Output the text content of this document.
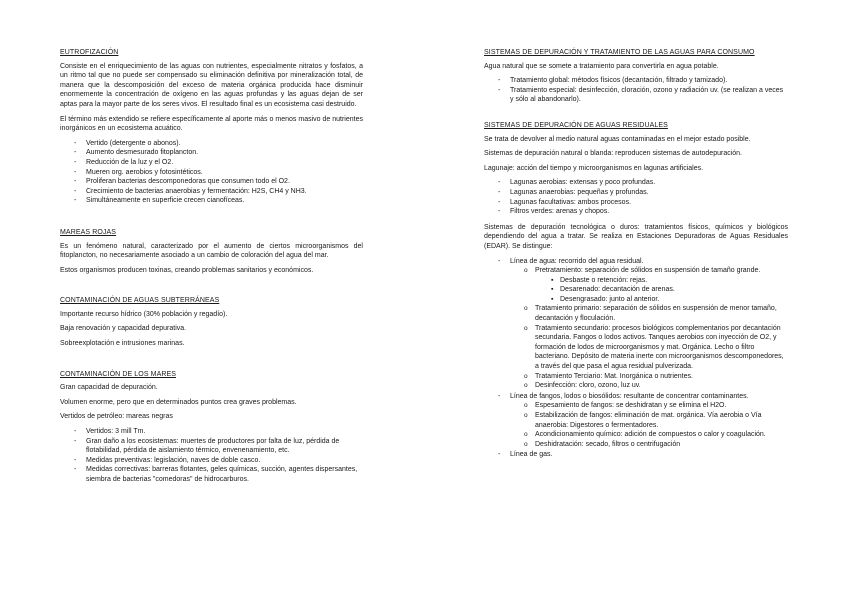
EUTROFIZACIÓN

Consiste en el enriquecimiento de las aguas con nutrientes, especialmente nitratos y fosfatos, a un ritmo tal que no puede ser compensado su eliminación definitiva por mineralización total, de manera que la descomposición del exceso de materia orgánica producida hace disminuir enormemente la concentración de oxígeno en las aguas profundas y las aguas dejan de ser aptas para la mayor parte de los seres vivos. El resultado final es un ecosistema casi destruido.

El término más extendido se refiere específicamente al aporte más o menos masivo de nutrientes inorgánicos en un ecosistema acuático.

- Vertido (detergente o abonos).
- Aumento desmesurado fitoplancton.
- Reducción de la luz y el O2.
- Mueren org. aerobios y fotosintéticos.
- Proliferan bacterias descomponedoras que consumen todo el O2.
- Crecimiento de bacterias anaerobias y fermentación: H2S, CH4 y NH3.
- Simultáneamente en superficie crecen cianofíceas.
MAREAS ROJAS

Es un fenómeno natural, caracterizado por el aumento de ciertos microorganismos del fitoplancton, no necesariamente asociado a un cambio de coloración del agua del mar.

Estos organismos producen toxinas, creando problemas sanitarios y económicos.

CONTAMINACIÓN DE AGUAS SUBTERRÁNEAS

Importante recurso hídrico (30% población y regadío).

Baja renovación y capacidad depurativa.

Sobreexplotación e intrusiones marinas.

CONTAMINACIÓN DE LOS MARES

Gran capacidad de depuración.

Volumen enorme, pero que en determinados puntos crea graves problemas.

Vertidos de petróleo: mareas negras

- Vertidos: 3 mill Tm.
- Gran daño a los ecosistemas: muertes de productores por falta de luz, pérdida de flotabilidad, pérdida de aislamiento térmico, envenenamiento, etc.
- Medidas preventivas: legislación, naves de doble casco.
- Medidas correctivas: barreras flotantes, geles químicas, succión, agentes dispersantes, siembra de bacterias "comedoras" de hidrocarburos.
SISTEMAS DE DEPURACIÓN Y TRATAMIENTO DE LAS AGUAS PARA CONSUMO

Agua natural que se somete a tratamiento para convertirla en agua potable.

- Tratamiento global: métodos físicos (decantación, filtrado y tamizado).
- Tratamiento especial: desinfección, cloración, ozono y radiación uv. (se realizan a veces y sólo al abandonarlo).
SISTEMAS DE DEPURACIÓN DE AGUAS RESIDUALES

Se trata de devolver al medio natural aguas contaminadas en el mejor estado posible.

Sistemas de depuración natural o blanda: reproducen sistemas de autodepuración.

Lagunaje: acción del tiempo y microorganismos en lagunas artificiales.

- Lagunas aerobias: extensas y poco profundas.
- Lagunas anaerobias: pequeñas y profundas.
- Lagunas facultativas: ambos procesos.
- Filtros verdes: arenas y chopos.

Sistemas de depuración tecnológica o duros: tratamientos físicos, químicos y biológicos dependiendo del agua a tratar. Se realiza en Estaciones Depuradoras de Aguas Residuales (EDAR). Se distingue:

- Línea de agua: recorrido del agua residual.
o Pretratamiento: separación de sólidos en suspensión de tamaño grande.
▪ Desbaste o retención: rejas.
▪ Desarenado: decantación de arenas.
▪ Desengrasado: junto al anterior.
o Tratamiento primario: separación de sólidos en suspensión de menor tamaño, decantación y floculación.
o Tratamiento secundario: procesos biológicos complementarios por decantación secundaria. Fangos o lodos activos. Tanques aerobios con inyección de O2, y formación de lodos de microorganismos y mat. Orgánica. Lecho o filtro bacteriano. Depósito de materia inerte con microorganismos descomponedores, a través del que pasa el agua residual pulverizada.
o Tratamiento Terciario: Mat. Inorgánica o nutrientes.
o Desinfección: cloro, ozono, luz uv.
- Línea de fangos, lodos o biosólidos: resultante de concentrar contaminantes.
o Espesamiento de fangos: se deshidratan y se elimina el H2O.
o Estabilización de fangos: eliminación de mat. orgánica. Vía aerobia o Vía anaerobia: Digestores o fermentadores.
o Acondicionamiento químico: adición de compuestos o calor y coagulación.
o Deshidratación: secado, filtros o centrifugación
- Línea de gas.
